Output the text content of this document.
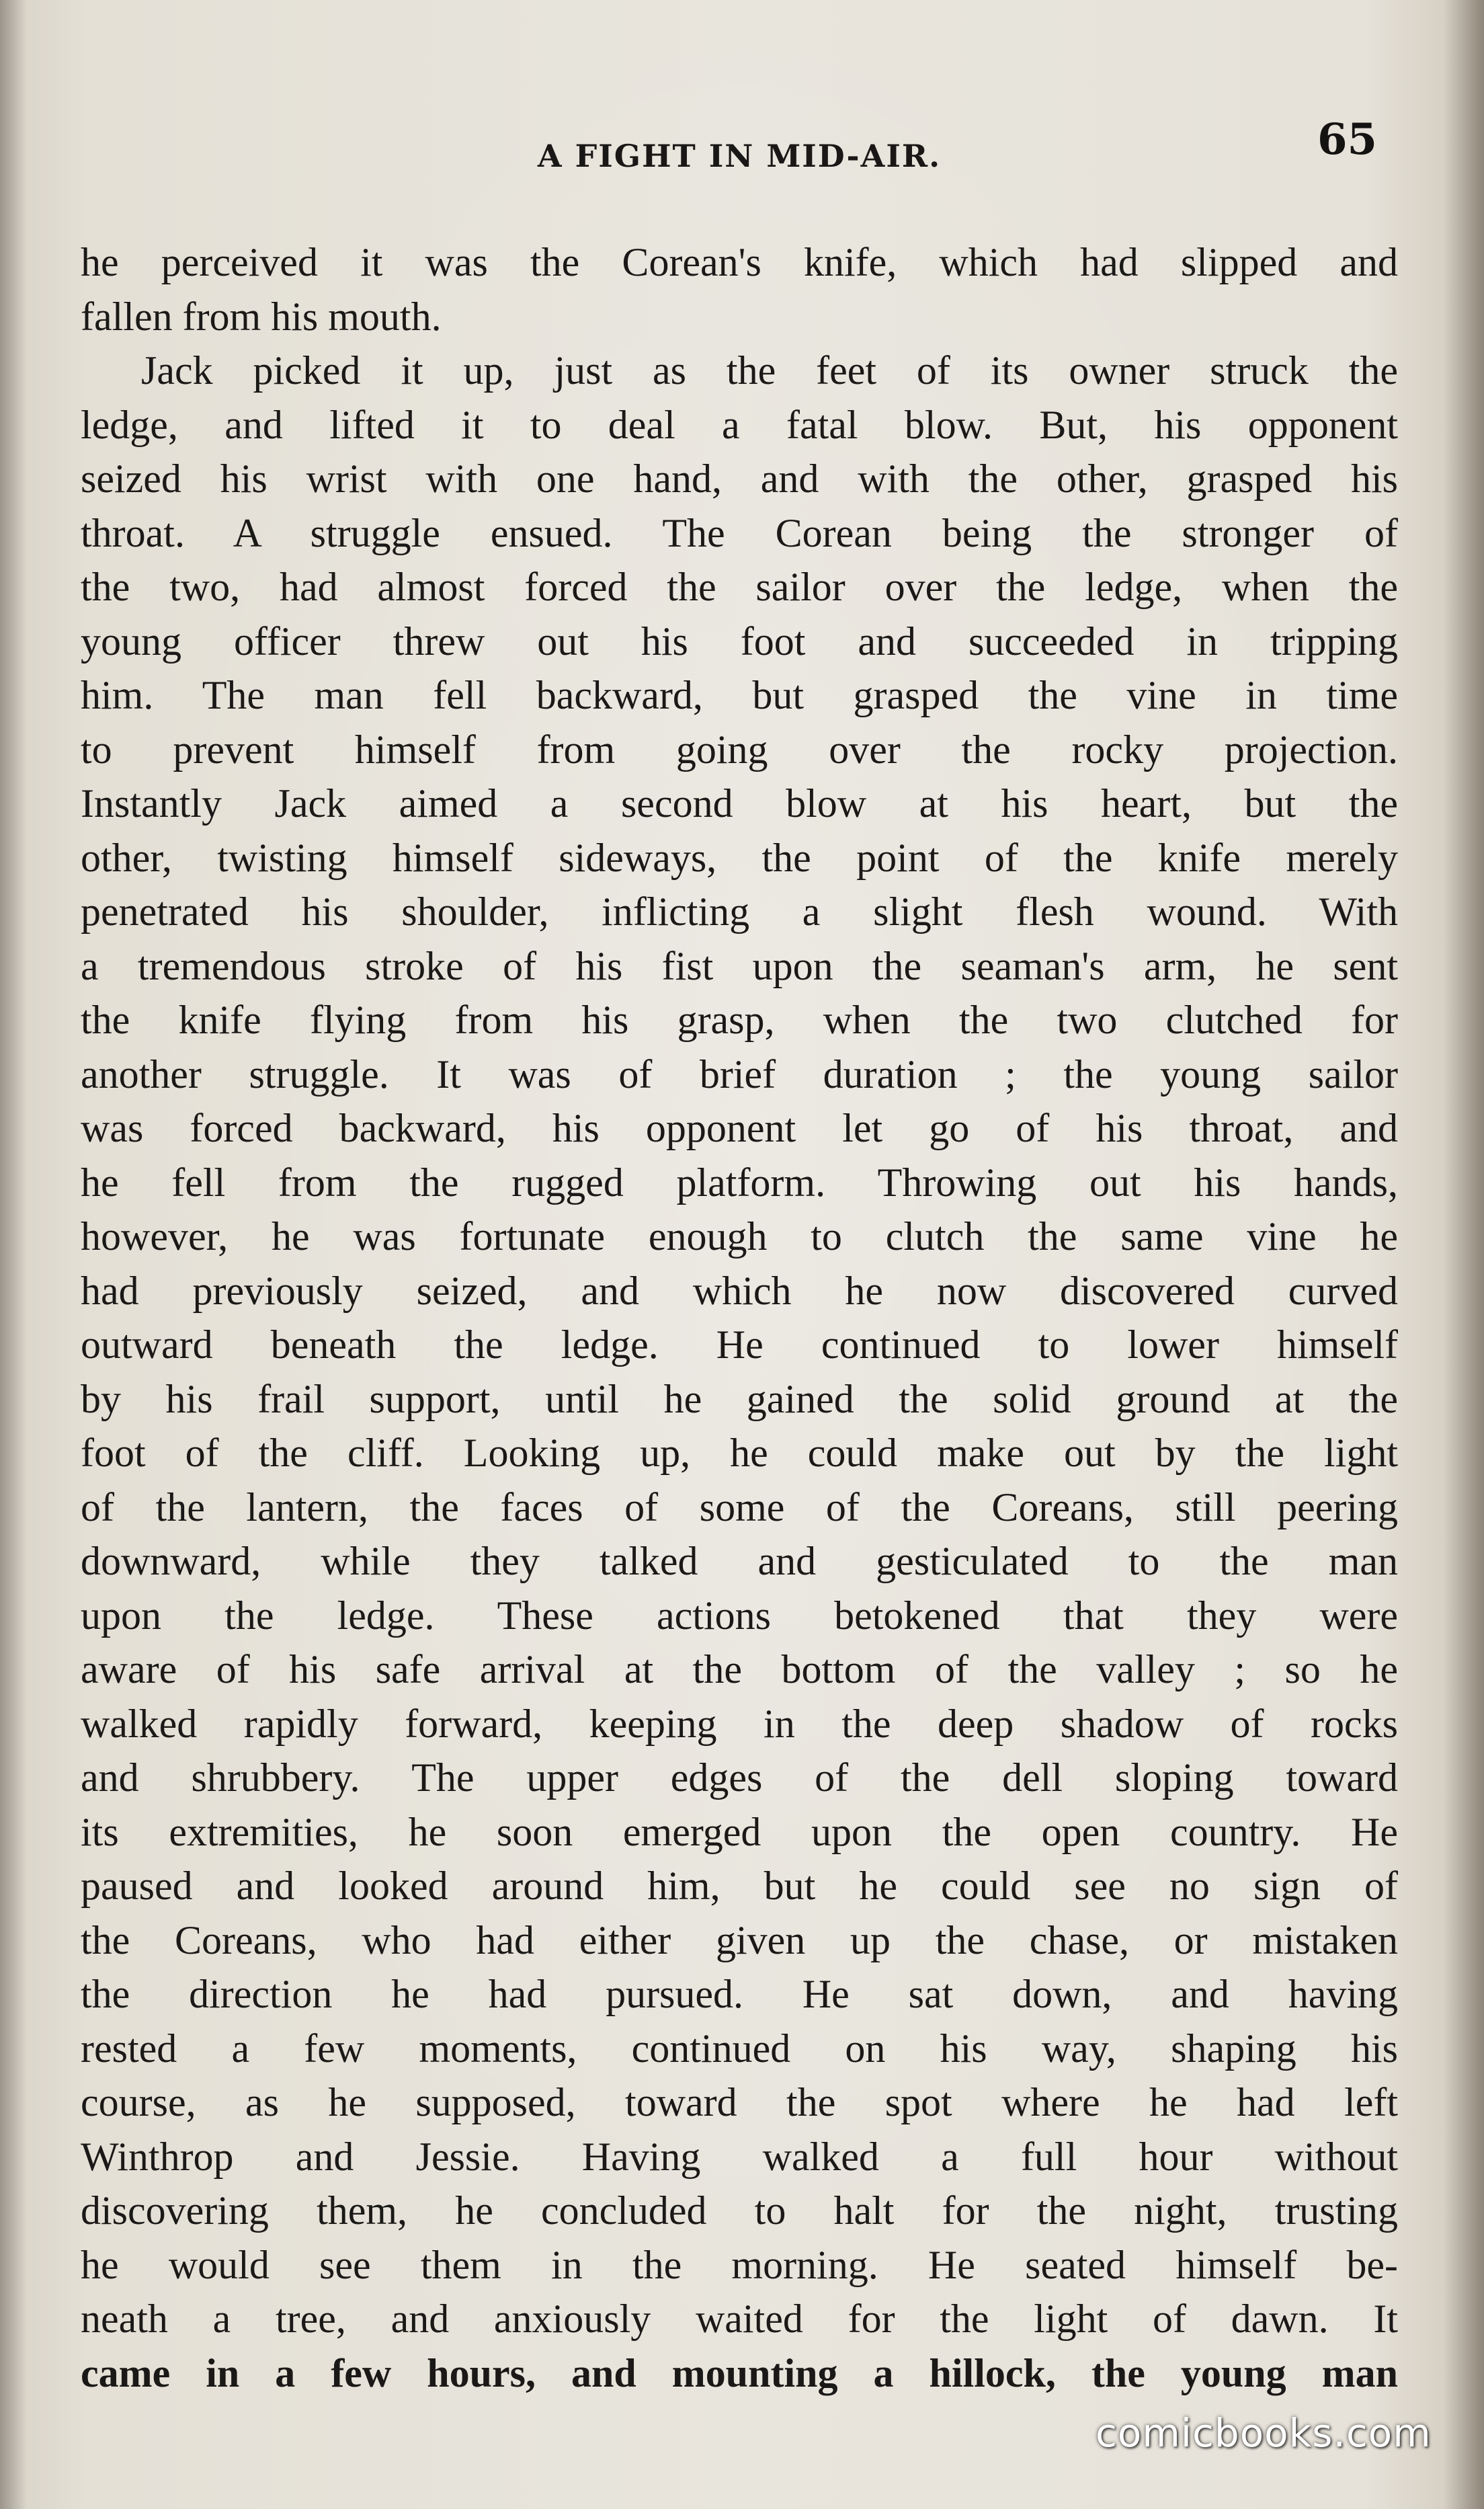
A FIGHT IN MID-AIR.	65
he perceived it was the Corean's knife, which had slipped and
fallen from his mouth.
Jack picked it up, just as the feet of its owner struck the
ledge, and lifted it to deal a fatal blow. But, his opponent
seized his wrist with one hand, and with the other, grasped his
throat. A struggle ensued. The Corean being the stronger of
the two, had almost forced the sailor over the ledge, when the
young officer threw out his foot and succeeded in tripping
him. The man fell backward, but grasped the vine in time
to prevent himself from going over the rocky projection.
Instantly Jack aimed a second blow at his heart, but the
other, twisting himself sideways, the point of the knife merely
penetrated his shoulder, inflicting a slight flesh wound. With
a tremendous stroke of his fist upon the seaman's arm, he sent
the knife flying from his grasp, when the two clutched for
another struggle. It was of brief duration ; the young sailor
was forced backward, his opponent let go of his throat, and
he fell from the rugged platform. Throwing out his hands,
however, he was fortunate enough to clutch the same vine he
had previously seized, and which he now discovered curved
outward beneath the ledge. He continued to lower himself
by his frail support, until he gained the solid ground at the
foot of the cliff. Looking up, he could make out by the light
of the lantern, the faces of some of the Coreans, still peering
downward, while they talked and gesticulated to the man
upon the ledge. These actions betokened that they were
aware of his safe arrival at the bottom of the valley ; so he
walked rapidly forward, keeping in the deep shadow of rocks
and shrubbery. The upper edges of the dell sloping toward
its extremities, he soon emerged upon the open country. He
paused and looked around him, but he could see no sign of
the Coreans, who had either given up the chase, or mistaken
the direction he had pursued. He sat down, and having
rested a few moments, continued on his way, shaping his
course, as he supposed, toward the spot where he had left
Winthrop and Jessie. Having walked a full hour without
discovering them, he concluded to halt for the night, trusting
he would see them in the morning. He seated himself be-
neath a tree, and anxiously waited for the light of dawn. It
came in a few hours, and mounting a hillock, the young man
comicbooks.com
